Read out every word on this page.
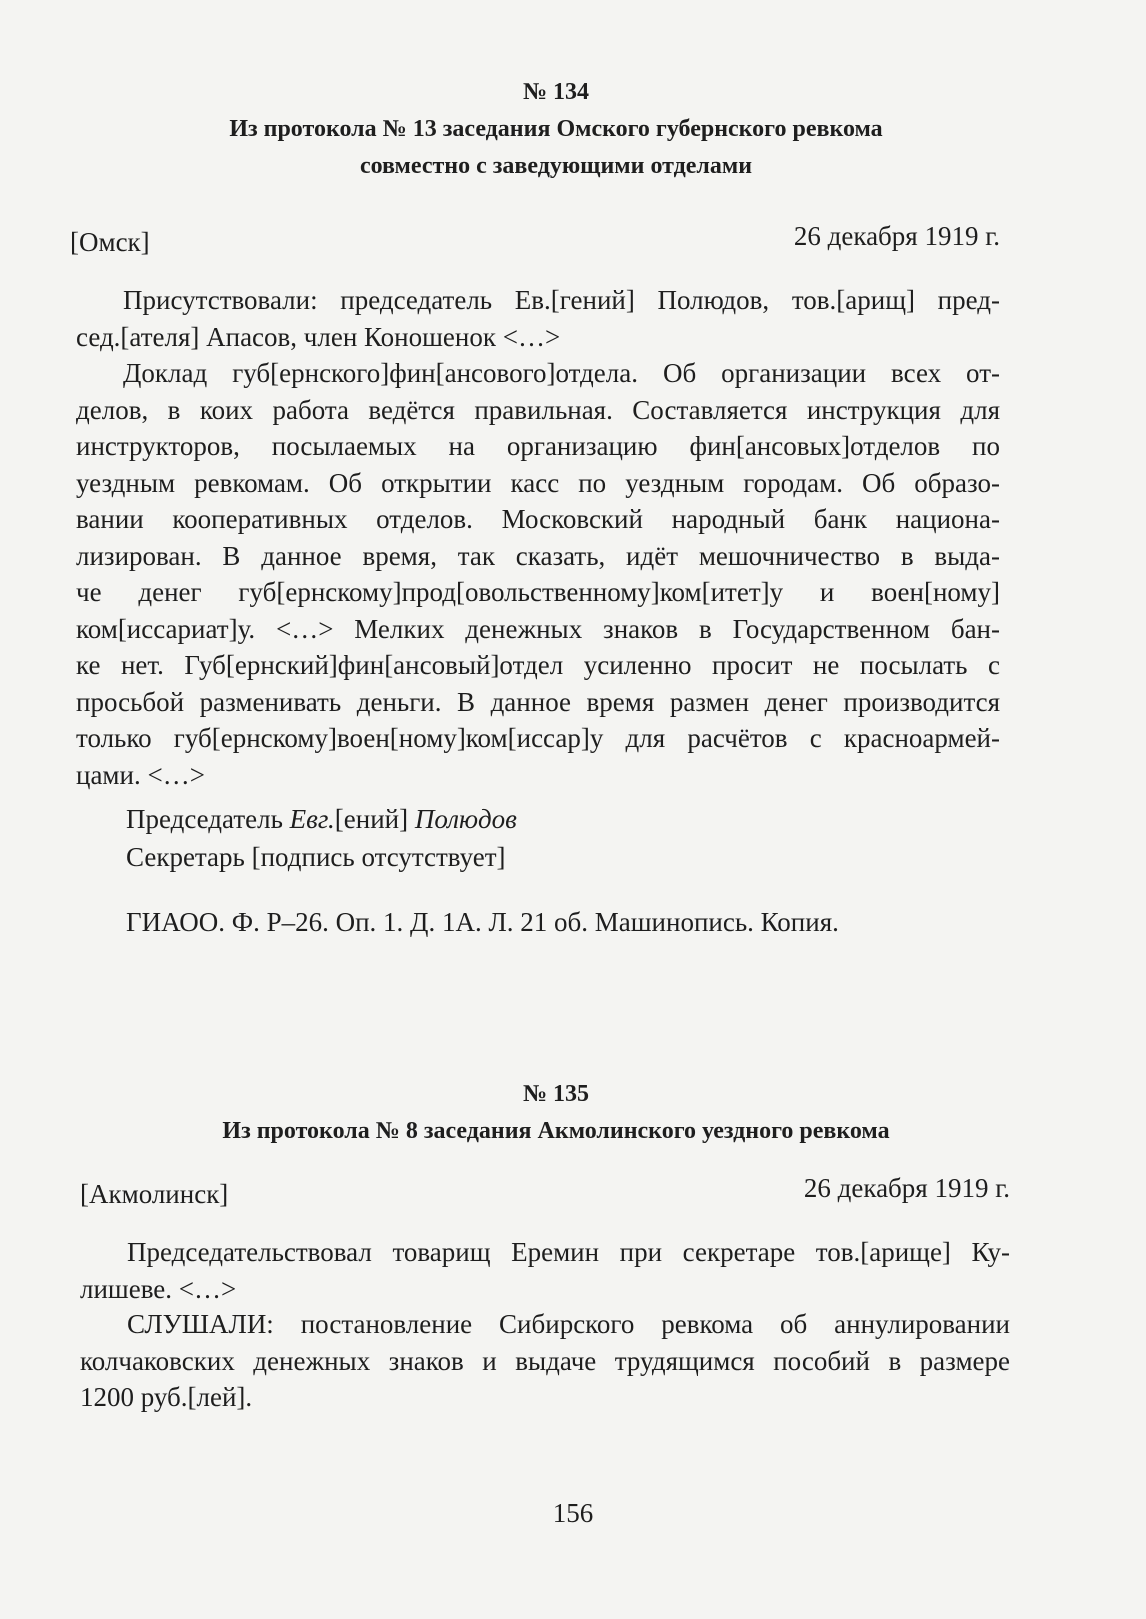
№ 134
Из протокола № 13 заседания Омского губернского ревкома
совместно с заведующими отделами
[Омск]	26 декабря 1919 г.

Присутствовали: председатель Ев.[гений] Полюдов, тов.[арищ] пред-
сед.[ателя] Апасов, член Коношенок <…>

Доклад губ[ернского]фин[ансового]отдела. Об организации всех от-
делов, в коих работа ведётся правильная. Составляется инструкция для
инструкторов, посылаемых на организацию фин[ансовых]отделов по
уездным ревкомам. Об открытии касс по уездным городам. Об образо-
вании кооперативных отделов. Московский народный банк национа-
лизирован. В данное время, так сказать, идёт мешочничество в выда-
че денег губ[ернскому]прод[овольственному]ком[итет]у и воен[ному]
ком[иссариат]у. <…> Мелких денежных знаков в Государственном бан-
ке нет. Губ[ернский]фин[ансовый]отдел усиленно просит не посылать с
просьбой разменивать деньги. В данное время размен денег производится
только губ[ернскому]воен[ному]ком[иссар]у для расчётов с красноармей-
цами. <…>

Председатель Евг.[ений] Полюдов
Секретарь [подпись отсутствует]
ГИАОО. Ф. Р–26. Оп. 1. Д. 1А. Л. 21 об. Машинопись. Копия.
№ 135
Из протокола № 8 заседания Акмолинского уездного ревкома
[Акмолинск]	26 декабря 1919 г.

Председательствовал товарищ Еремин при секретаре тов.[арище] Ку-
лишеве. <…>

СЛУШАЛИ: постановление Сибирского ревкома об аннулировании
колчаковских денежных знаков и выдаче трудящимся пособий в размере
1200 руб.[лей].

156
